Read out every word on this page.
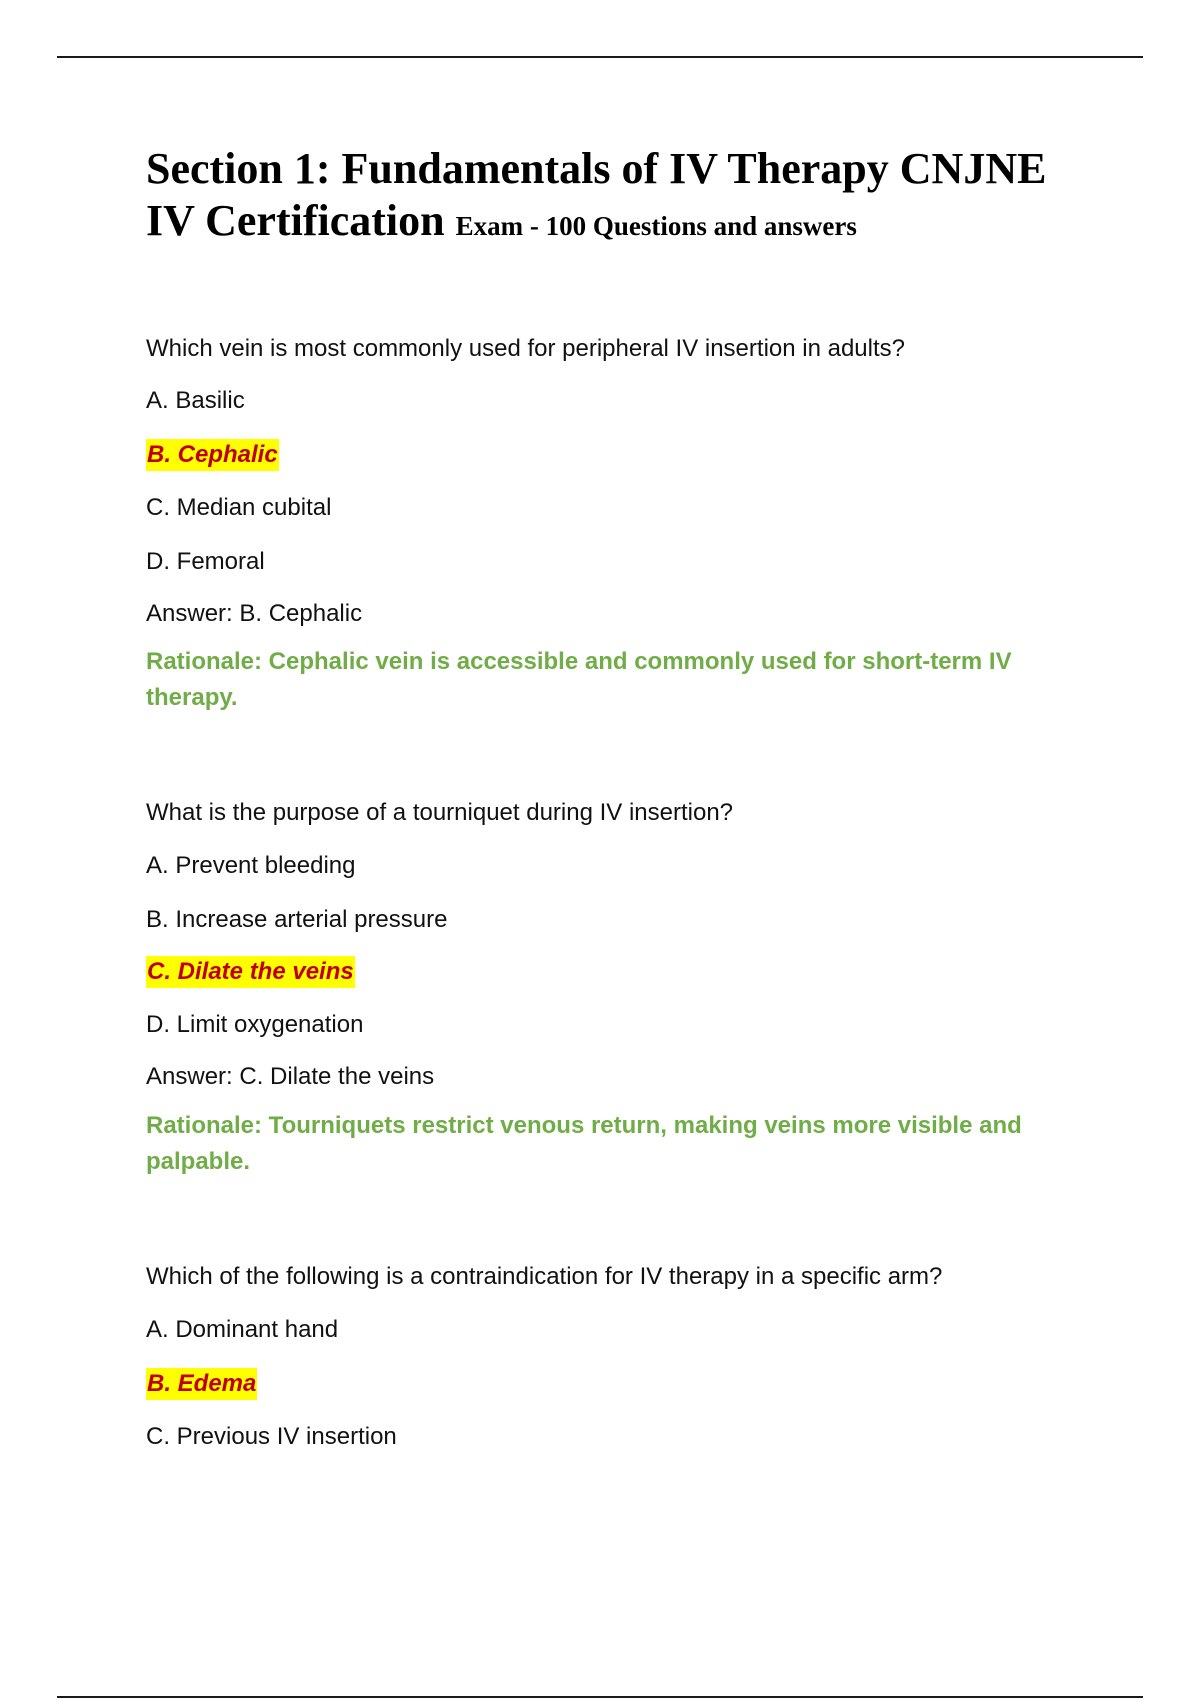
Section 1: Fundamentals of IV Therapy CNJNE IV Certification Exam - 100 Questions and answers

Which vein is most commonly used for peripheral IV insertion in adults?

A. Basilic

B. Cephalic

C. Median cubital

D. Femoral

Answer: B. Cephalic

Rationale: Cephalic vein is accessible and commonly used for short-term IV therapy.

What is the purpose of a tourniquet during IV insertion?

A. Prevent bleeding

B. Increase arterial pressure

C. Dilate the veins

D. Limit oxygenation

Answer: C. Dilate the veins

Rationale: Tourniquets restrict venous return, making veins more visible and palpable.

Which of the following is a contraindication for IV therapy in a specific arm?

A. Dominant hand

B. Edema

C. Previous IV insertion
